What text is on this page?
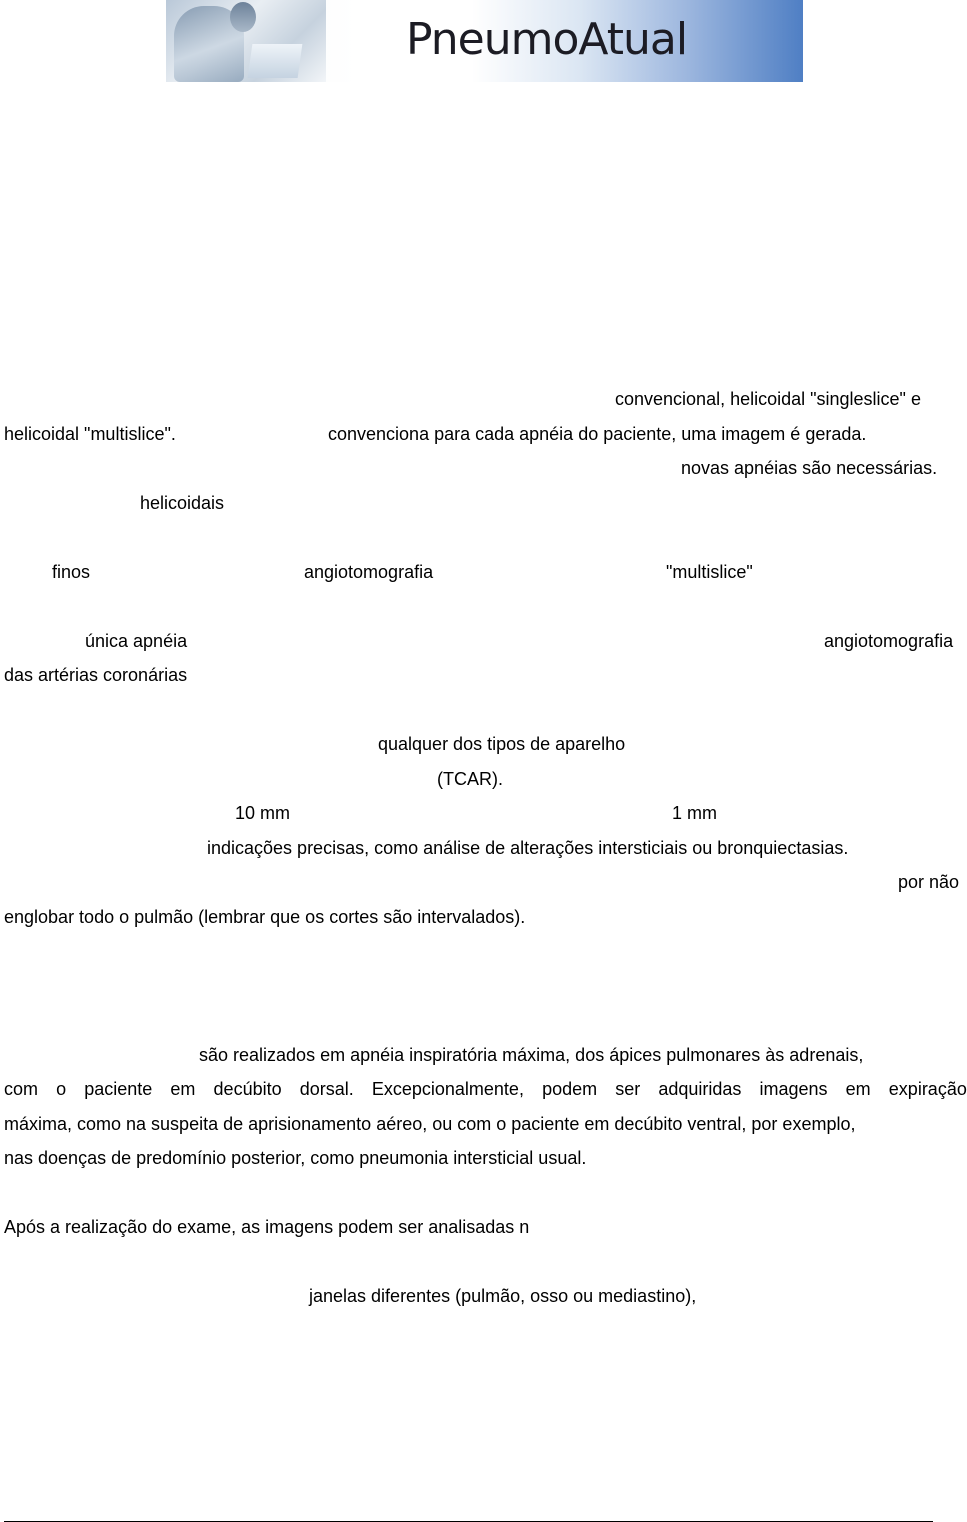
PneumoAtual
convencional, helicoidal "singleslice" e
helicoidal "multislice".	convenciona para cada apnéia do paciente, uma imagem é gerada.
novas apnéias são necessárias.
helicoidais
finos	angiotomografia	"multislice"
única apnéia	angiotomografia
das artérias coronárias
qualquer dos tipos de aparelho
(TCAR).
10 mm	1 mm
indicações precisas, como análise de alterações intersticiais ou bronquiectasias.
por não
englobar todo o pulmão (lembrar que os cortes são intervalados).
são realizados em apnéia inspiratória máxima, dos ápices pulmonares às adrenais,
com o paciente em decúbito dorsal. Excepcionalmente, podem ser adquiridas imagens em expiração
máxima, como na suspeita de aprisionamento aéreo, ou com o paciente em decúbito ventral, por exemplo,
nas doenças de predomínio posterior, como pneumonia intersticial usual.
Após a realização do exame, as imagens podem ser analisadas n
janelas diferentes (pulmão, osso ou mediastino),
